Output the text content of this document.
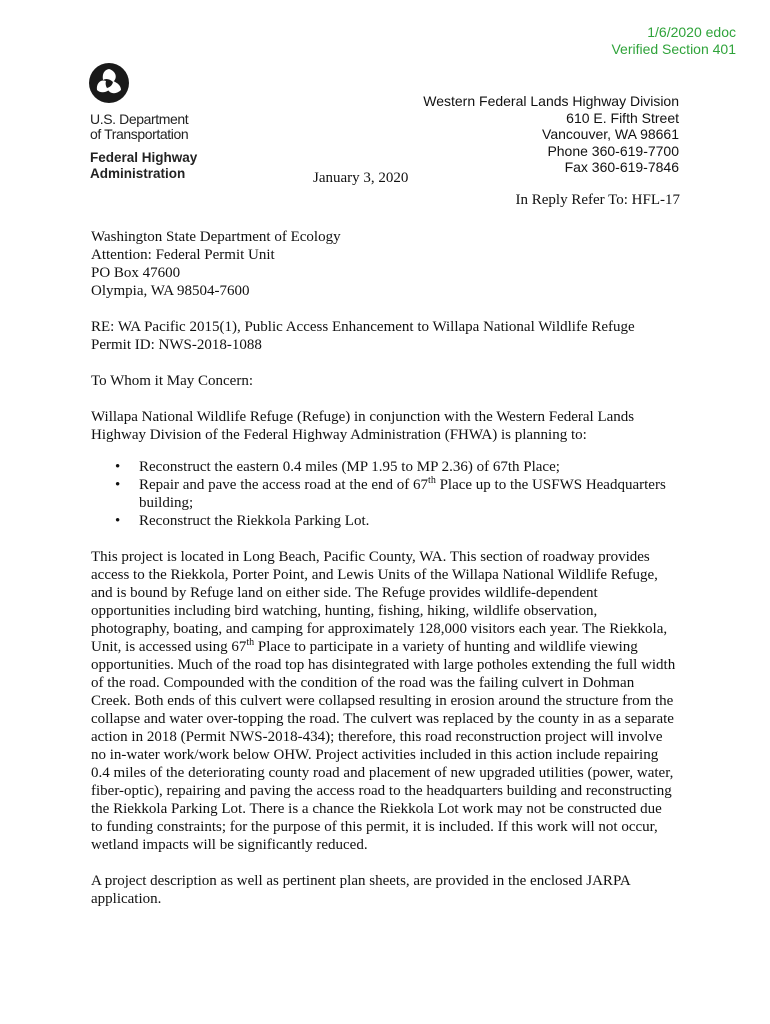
1/6/2020 edoc
Verified Section 401
U.S. Department
of Transportation
Federal Highway
Administration
Western Federal Lands Highway Division
610 E. Fifth Street
Vancouver, WA 98661
Phone 360-619-7700
Fax 360-619-7846
January 3, 2020
In Reply Refer To: HFL-17

Washington State Department of Ecology
Attention: Federal Permit Unit
PO Box 47600
Olympia, WA 98504-7600

RE: WA Pacific 2015(1), Public Access Enhancement to Willapa National Wildlife Refuge
Permit ID: NWS-2018-1088

To Whom it May Concern:

Willapa National Wildlife Refuge (Refuge) in conjunction with the Western Federal Lands
Highway Division of the Federal Highway Administration (FHWA) is planning to:

• Reconstruct the eastern 0.4 miles (MP 1.95 to MP 2.36) of 67th Place;
• Repair and pave the access road at the end of 67th Place up to the USFWS Headquarters
building;
• Reconstruct the Riekkola Parking Lot.

This project is located in Long Beach, Pacific County, WA. This section of roadway provides
access to the Riekkola, Porter Point, and Lewis Units of the Willapa National Wildlife Refuge,
and is bound by Refuge land on either side. The Refuge provides wildlife-dependent
opportunities including bird watching, hunting, fishing, hiking, wildlife observation,
photography, boating, and camping for approximately 128,000 visitors each year. The Riekkola,
Unit, is accessed using 67th Place to participate in a variety of hunting and wildlife viewing
opportunities. Much of the road top has disintegrated with large potholes extending the full width
of the road. Compounded with the condition of the road was the failing culvert in Dohman
Creek. Both ends of this culvert were collapsed resulting in erosion around the structure from the
collapse and water over-topping the road. The culvert was replaced by the county in as a separate
action in 2018 (Permit NWS-2018-434); therefore, this road reconstruction project will involve
no in-water work/work below OHW. Project activities included in this action include repairing
0.4 miles of the deteriorating county road and placement of new upgraded utilities (power, water,
fiber-optic), repairing and paving the access road to the headquarters building and reconstructing
the Riekkola Parking Lot. There is a chance the Riekkola Lot work may not be constructed due
to funding constraints; for the purpose of this permit, it is included. If this work will not occur,
wetland impacts will be significantly reduced.

A project description as well as pertinent plan sheets, are provided in the enclosed JARPA
application.
